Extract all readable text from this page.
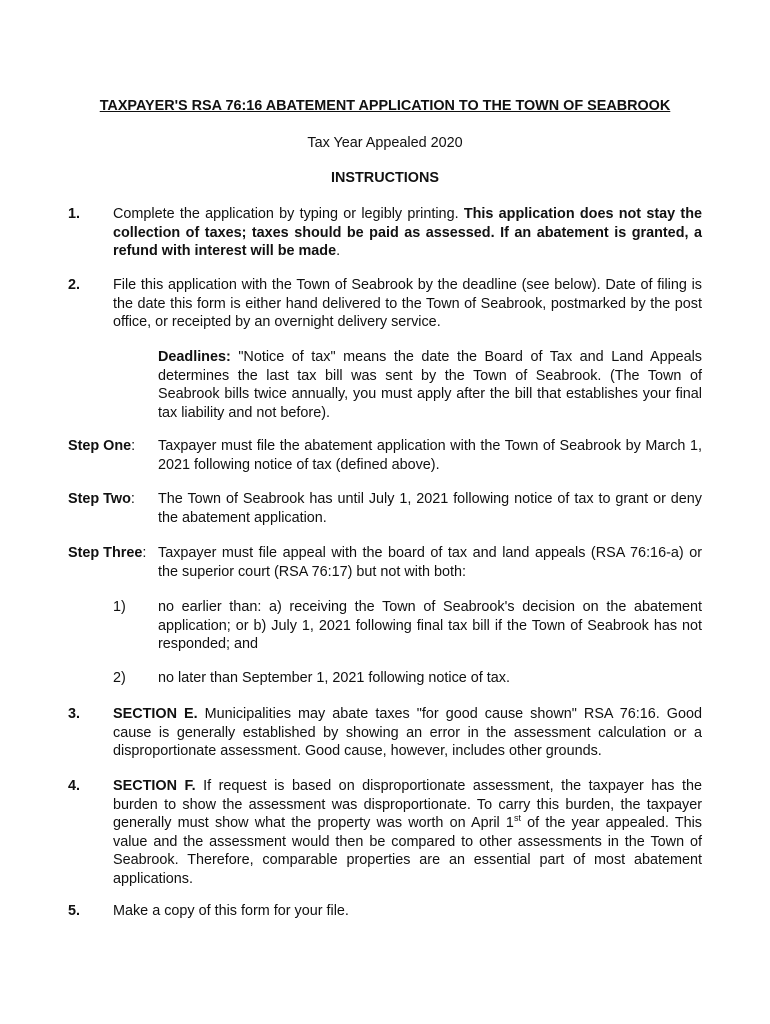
TAXPAYER'S RSA 76:16 ABATEMENT APPLICATION TO THE TOWN OF SEABROOK
Tax Year Appealed 2020
INSTRUCTIONS
1. Complete the application by typing or legibly printing. This application does not stay the collection of taxes; taxes should be paid as assessed. If an abatement is granted, a refund with interest will be made.
2. File this application with the Town of Seabrook by the deadline (see below). Date of filing is the date this form is either hand delivered to the Town of Seabrook, postmarked by the post office, or receipted by an overnight delivery service.
Deadlines: "Notice of tax" means the date the Board of Tax and Land Appeals determines the last tax bill was sent by the Town of Seabrook. (The Town of Seabrook bills twice annually, you must apply after the bill that establishes your final tax liability and not before).
Step One: Taxpayer must file the abatement application with the Town of Seabrook by March 1, 2021 following notice of tax (defined above).
Step Two: The Town of Seabrook has until July 1, 2021 following notice of tax to grant or deny the abatement application.
Step Three: Taxpayer must file appeal with the board of tax and land appeals (RSA 76:16-a) or the superior court (RSA 76:17) but not with both:
1) no earlier than: a) receiving the Town of Seabrook's decision on the abatement application; or b) July 1, 2021 following final tax bill if the Town of Seabrook has not responded; and
2) no later than September 1, 2021 following notice of tax.
3. SECTION E. Municipalities may abate taxes "for good cause shown" RSA 76:16. Good cause is generally established by showing an error in the assessment calculation or a disproportionate assessment. Good cause, however, includes other grounds.
4. SECTION F. If request is based on disproportionate assessment, the taxpayer has the burden to show the assessment was disproportionate. To carry this burden, the taxpayer generally must show what the property was worth on April 1st of the year appealed. This value and the assessment would then be compared to other assessments in the Town of Seabrook. Therefore, comparable properties are an essential part of most abatement applications.
5. Make a copy of this form for your file.
